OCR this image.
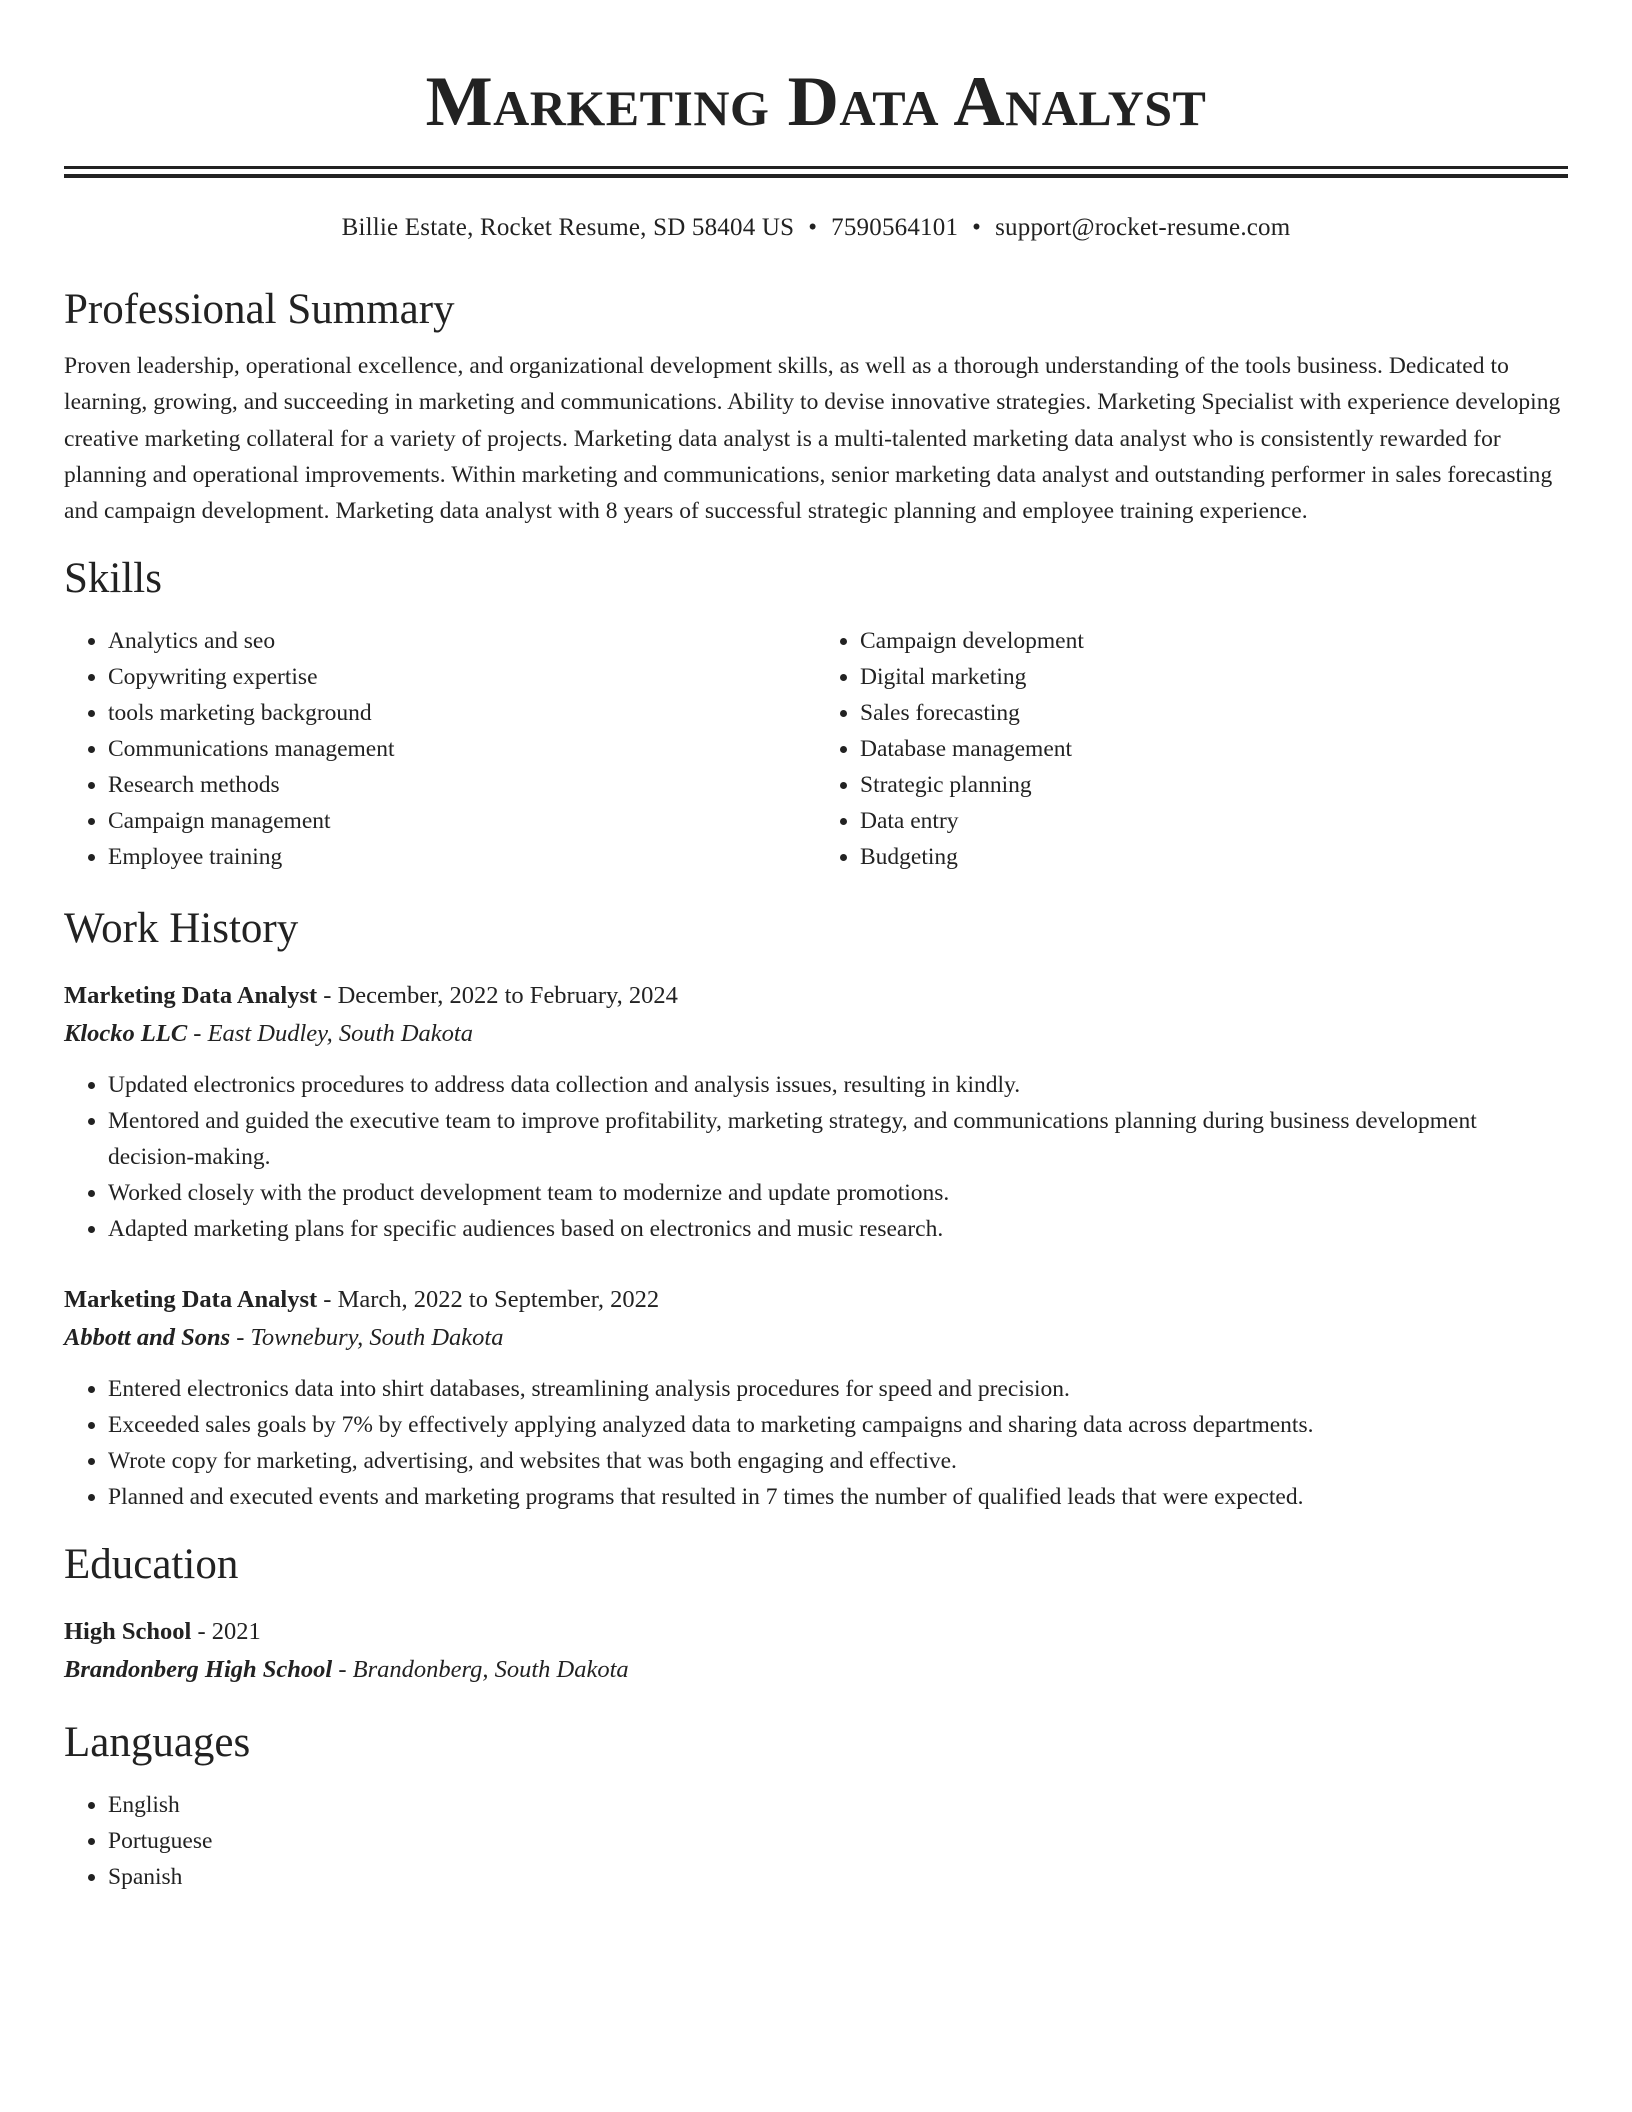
Marketing Data Analyst
Billie Estate, Rocket Resume, SD 58404 US • 7590564101 • support@rocket-resume.com
Professional Summary

Proven leadership, operational excellence, and organizational development skills, as well as a thorough understanding of the tools business. Dedicated to learning, growing, and succeeding in marketing and communications. Ability to devise innovative strategies. Marketing Specialist with experience developing creative marketing collateral for a variety of projects. Marketing data analyst is a multi-talented marketing data analyst who is consistently rewarded for planning and operational improvements. Within marketing and communications, senior marketing data analyst and outstanding performer in sales forecasting and campaign development. Marketing data analyst with 8 years of successful strategic planning and employee training experience.

Skills
• Analytics and seo
• Copywriting expertise
• tools marketing background
• Communications management
• Research methods
• Campaign management
• Employee training
• Campaign development
• Digital marketing
• Sales forecasting
• Database management
• Strategic planning
• Data entry
• Budgeting
Work History
Marketing Data Analyst - December, 2022 to February, 2024
Klocko LLC - East Dudley, South Dakota
• Updated electronics procedures to address data collection and analysis issues, resulting in kindly.
• Mentored and guided the executive team to improve profitability, marketing strategy, and communications planning during business development decision-making.
• Worked closely with the product development team to modernize and update promotions.
• Adapted marketing plans for specific audiences based on electronics and music research.
Marketing Data Analyst - March, 2022 to September, 2022
Abbott and Sons - Townebury, South Dakota
• Entered electronics data into shirt databases, streamlining analysis procedures for speed and precision.
• Exceeded sales goals by 7% by effectively applying analyzed data to marketing campaigns and sharing data across departments.
• Wrote copy for marketing, advertising, and websites that was both engaging and effective.
• Planned and executed events and marketing programs that resulted in 7 times the number of qualified leads that were expected.
Education
High School - 2021
Brandonberg High School - Brandonberg, South Dakota
Languages
• English
• Portuguese
• Spanish
